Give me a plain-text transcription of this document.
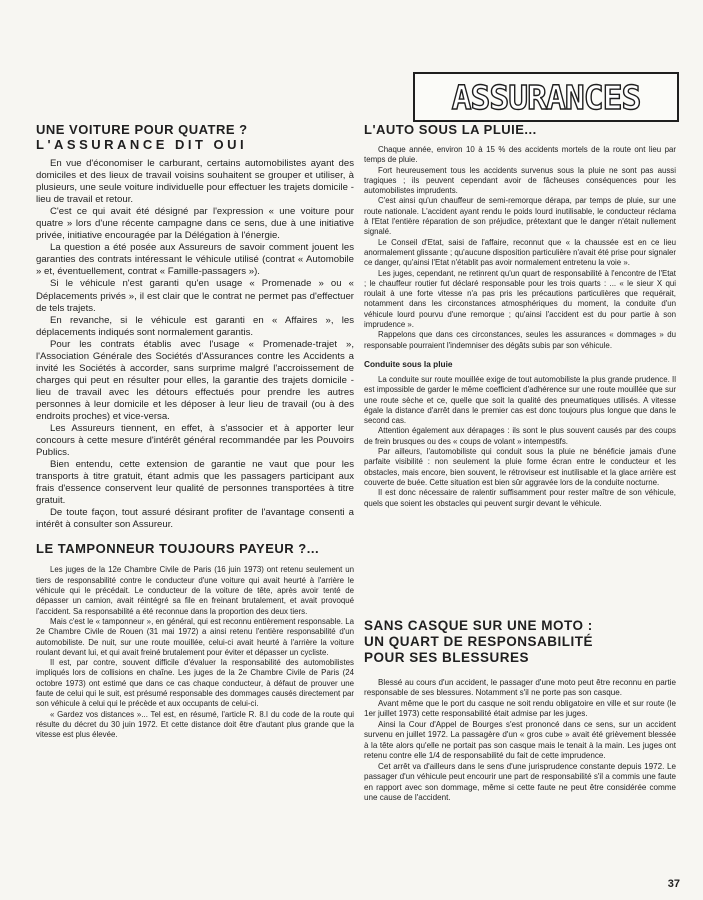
ASSURANCES
UNE VOITURE POUR QUATRE ?
L'ASSURANCE DIT OUI

En vue d'économiser le carburant, certains automobilistes ayant des domiciles et des lieux de travail voisins souhaitent se grouper et utiliser, à plusieurs, une seule voiture individuelle pour effectuer les trajets domicile - lieu de travail et retour.

C'est ce qui avait été désigné par l'expression « une voiture pour quatre » lors d'une récente campagne dans ce sens, due à une initiative privée, initiative encouragée par la Délégation à l'énergie.

La question a été posée aux Assureurs de savoir comment jouent les garanties des contrats intéressant le véhicule utilisé (contrat « Automobile » et, éventuellement, contrat « Famille-passagers »).

Si le véhicule n'est garanti qu'en usage « Promenade » ou « Déplacements privés », il est clair que le contrat ne permet pas d'effectuer de tels trajets.

En revanche, si le véhicule est garanti en « Affaires », les déplacements indiqués sont normalement garantis.

Pour les contrats établis avec l'usage « Promenade-trajet », l'Association Générale des Sociétés d'Assurances contre les Accidents a invité les Sociétés à accorder, sans surprime malgré l'accroissement de charges qui peut en résulter pour elles, la garantie des trajets domicile - lieu de travail avec les détours effectués pour prendre les autres personnes à leur domicile et les déposer à leur lieu de travail (ou à des endroits proches) et vice-versa.

Les Assureurs tiennent, en effet, à s'associer et à apporter leur concours à cette mesure d'intérêt général recommandée par les Pouvoirs Publics.

Bien entendu, cette extension de garantie ne vaut que pour les transports à titre gratuit, étant admis que les passagers participant aux frais d'essence conservent leur qualité de personnes transportées à titre gratuit.

De toute façon, tout assuré désirant profiter de l'avantage consenti a intérêt à consulter son Assureur.

LE TAMPONNEUR TOUJOURS PAYEUR ?...

Les juges de la 12e Chambre Civile de Paris (16 juin 1973) ont retenu seulement un tiers de responsabilité contre le conducteur d'une voiture qui avait heurté à l'arrière le véhicule qui le précédait. Le conducteur de la voiture de tête, après avoir tenté de dépasser un camion, avait réintégré sa file en freinant brutalement, et avait provoqué l'accident. Sa responsabilité a été reconnue dans la proportion des deux tiers.

Mais c'est le « tamponneur », en général, qui est reconnu entièrement responsable. La 2e Chambre Civile de Rouen (31 mai 1972) a ainsi retenu l'entière responsabilité d'un automobiliste. De nuit, sur une route mouillée, celui-ci avait heurté à l'arrière la voiture roulant devant lui, et qui avait freiné brutalement pour éviter et dépasser un cycliste.

Il est, par contre, souvent difficile d'évaluer la responsabilité des automobilistes impliqués lors de collisions en chaîne. Les juges de la 2e Chambre Civile de Paris (24 octobre 1973) ont estimé que dans ce cas chaque conducteur, à défaut de prouver une faute de celui qui le suit, est présumé responsable des dommages causés directement par son véhicule à celui qui le précède et aux occupants de celui-ci.

« Gardez vos distances »... Tel est, en résumé, l'article R. 8.I du code de la route qui résulte du décret du 30 juin 1972. Et cette distance doit être d'autant plus grande que la vitesse est plus élevée.

L'AUTO SOUS LA PLUIE...

Chaque année, environ 10 à 15 % des accidents mortels de la route ont lieu par temps de pluie.

Fort heureusement tous les accidents survenus sous la pluie ne sont pas aussi tragiques ; ils peuvent cependant avoir de fâcheuses conséquences pour les automobilistes imprudents.

C'est ainsi qu'un chauffeur de semi-remorque dérapa, par temps de pluie, sur une route nationale. L'accident ayant rendu le poids lourd inutilisable, le conducteur réclama à l'Etat l'entière réparation de son préjudice, prétextant que le danger n'était nullement signalé.

Le Conseil d'Etat, saisi de l'affaire, reconnut que « la chaussée est en ce lieu anormalement glissante ; qu'aucune disposition particulière n'avait été prise pour signaler ce danger, qu'ainsi l'Etat n'établit pas avoir normalement entretenu la voie ».

Les juges, cependant, ne retinrent qu'un quart de responsabilité à l'encontre de l'Etat ; le chauffeur routier fut déclaré responsable pour les trois quarts : ... « le sieur X qui roulait à une forte vitesse n'a pas pris les précautions particulières que requérait, notamment dans les circonstances atmosphériques du moment, la conduite d'un véhicule lourd pourvu d'une remorque ; qu'ainsi l'accident est du pour partie à son imprudence ».

Rappelons que dans ces circonstances, seules les assurances « dommages » du responsable pourraient l'indemniser des dégâts subis par son véhicule.

Conduite sous la pluie

La conduite sur route mouillée exige de tout automobiliste la plus grande prudence. Il est impossible de garder le même coefficient d'adhérence sur une route mouillée que sur une route sèche et ce, quelle que soit la qualité des pneumatiques utilisés. A vitesse égale la distance d'arrêt dans le premier cas est donc toujours plus longue que dans le second cas.

Attention également aux dérapages : ils sont le plus souvent causés par des coups de frein brusques ou des « coups de volant » intempestifs.

Par ailleurs, l'automobiliste qui conduit sous la pluie ne bénéficie jamais d'une parfaite visibilité : non seulement la pluie forme écran entre le conducteur et les obstacles, mais encore, bien souvent, le rétroviseur est inutilisable et la glace arrière est couverte de buée. Cette situation est bien sûr aggravée lors de la conduite nocturne.

Il est donc nécessaire de ralentir suffisamment pour rester maître de son véhicule, quels que soient les obstacles qui peuvent surgir devant le véhicule.

SANS CASQUE SUR UNE MOTO :
UN QUART DE RESPONSABILITÉ
POUR SES BLESSURES

Blessé au cours d'un accident, le passager d'une moto peut être reconnu en partie responsable de ses blessures. Notamment s'il ne porte pas son casque.

Avant même que le port du casque ne soit rendu obligatoire en ville et sur route (le 1er juillet 1973) cette responsabilité était admise par les juges.

Ainsi la Cour d'Appel de Bourges s'est prononcé dans ce sens, sur un accident survenu en juillet 1972. La passagère d'un « gros cube » avait été grièvement blessée à la tête alors qu'elle ne portait pas son casque mais le tenait à la main. Les juges ont retenu contre elle 1/4 de responsabilité du fait de cette imprudence.

Cet arrêt va d'ailleurs dans le sens d'une jurisprudence constante depuis 1972. Le passager d'un véhicule peut encourir une part de responsabilité s'il a commis une faute en rapport avec son dommage, même si cette faute ne peut être considérée comme une cause de l'accident.

37
